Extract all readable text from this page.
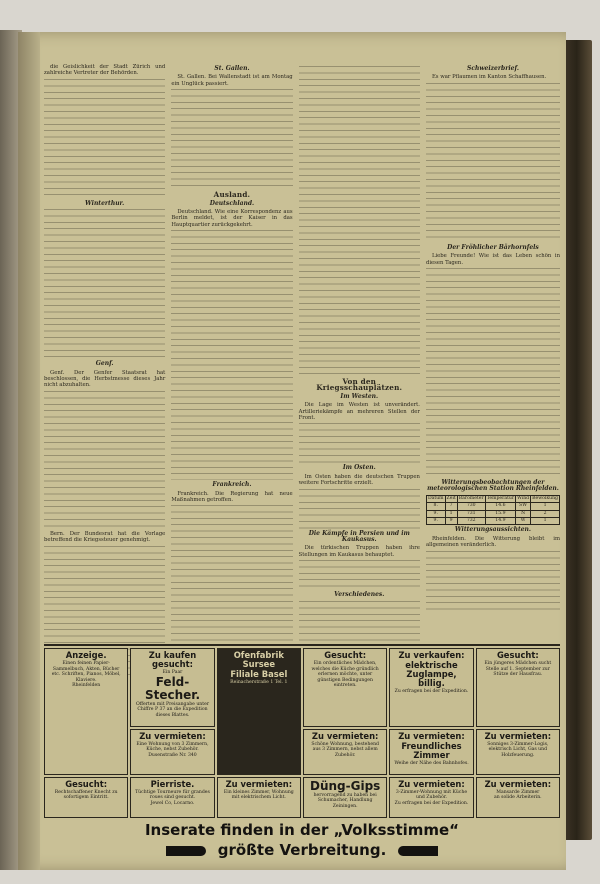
die Geislichkeit der Stadt Zürich und zahlreiche Vertreter der Behörden.

Winterthur.
Genf.

Genf. Der Genfer Staatsrat hat beschlossen, die Herbstmesse dieses Jahr nicht abzuhalten.

Bern. Der Bundesrat hat die Vorlage betreffend die Kriegssteuer genehmigt.

St. Gallen.

St. Gallen. Bei Wallenstadt ist am Montag ein Unglück passiert.

Ausland.
Deutschland.

Deutschland. Wie eine Korrespondenz aus Berlin meldet, ist der Kaiser in das Hauptquartier zurückgekehrt.

Frankreich.

Frankreich. Die Regierung hat neue Maßnahmen getroffen.

Von den Kriegsschauplätzen.
Im Westen.

Die Lage im Westen ist unverändert. Artilleriekämpfe an mehreren Stellen der Front.

Im Osten.

Im Osten haben die deutschen Truppen weitere Fortschritte erzielt.

Die Kämpfe in Persien und im Kaukasus.

Die türkischen Truppen haben ihre Stellungen im Kaukasus behauptet.

Verschiedenes.
Schweizerbrief.

Es war Pflaumen im Kanton Schaffhausen.

Der Fröhlicher Bärhornfels

Liebe Freunde! Wie ist das Leben schön in diesen Tagen.

Witterungsbeobachtungen der meteorologischen Station Rheinfelden.
Datum	Zeit	Barometer	Temperatur	Wind	Bewölkung
8.	7	730	14.6	SW	1
9.	1	731	15.9	N	2
9.	9	732	14.9	W	1
Witterungsaussichten.

Rheinfelden. Die Witterung bleibt im allgemeinen veränderlich.

Anzeige.
Einen feinen Papier-Sammelbuch, Akten, Bücher etc. Schriften, Pianos, Möbel, Klaviere.
Rheinfelden
Zu kaufen gesucht:
Ein Paar
Feld-Stecher.
Offerten mit Preisangabe unter Chiffre P 37 an die Expedition dieses Blattes.
Ofenfabrik Sursee
Filiale Basel
Reinacherstraße 1 Tel. 1
Gesucht:
Ein ordentliches Mädchen, welches die Küche gründlich erlernen möchte, unter günstigen Bedingungen eintreten.
Zu verkaufen:
elektrische Zuglampe, billig.
Zu erfragen bei der Expedition.
Gesucht:
Ein jüngeres Mädchen sucht Stelle auf 1. September zur Stütze der Hausfrau.
Zu vermieten:
Eine Wohnung von 3 Zimmern, Küche, nebst Zubehör.
Dusenstraße Nr. 340
Zu vermieten:
Schöne Wohnung, bestehend aus 3 Zimmern, nebst allem Zubehör.
Zu vermieten:
Freundliches Zimmer
Weihe der Nähe des Bahnhofes.
Zu vermieten:
Sonniges 3-Zimmer-Logis, elektrisch Licht, Gas und Holzfeuerung.
Gesucht:
Rechtschaffener Knecht zu sofortigem Eintritt.
Pierriste.
Tüchtige Tourneure für grandes roues sind gesucht.
Jewel Co, Locarno.
Zu vermieten:
Ein kleines Zimmer, Wohnung mit elektrischem Licht.
Düng-Gips
hervorragend zu haben bei
Schumacher, Handlung Zeiningen.
Zu vermieten:
3-Zimmer-Wohnung mit Küche und Zubehör.
Zu erfragen bei der Expedition.
Zu vermieten:
Mansarde Zimmer
an solide Arbeiterin.
Inserate finden in der „Volksstimme“
größte Verbreitung.
